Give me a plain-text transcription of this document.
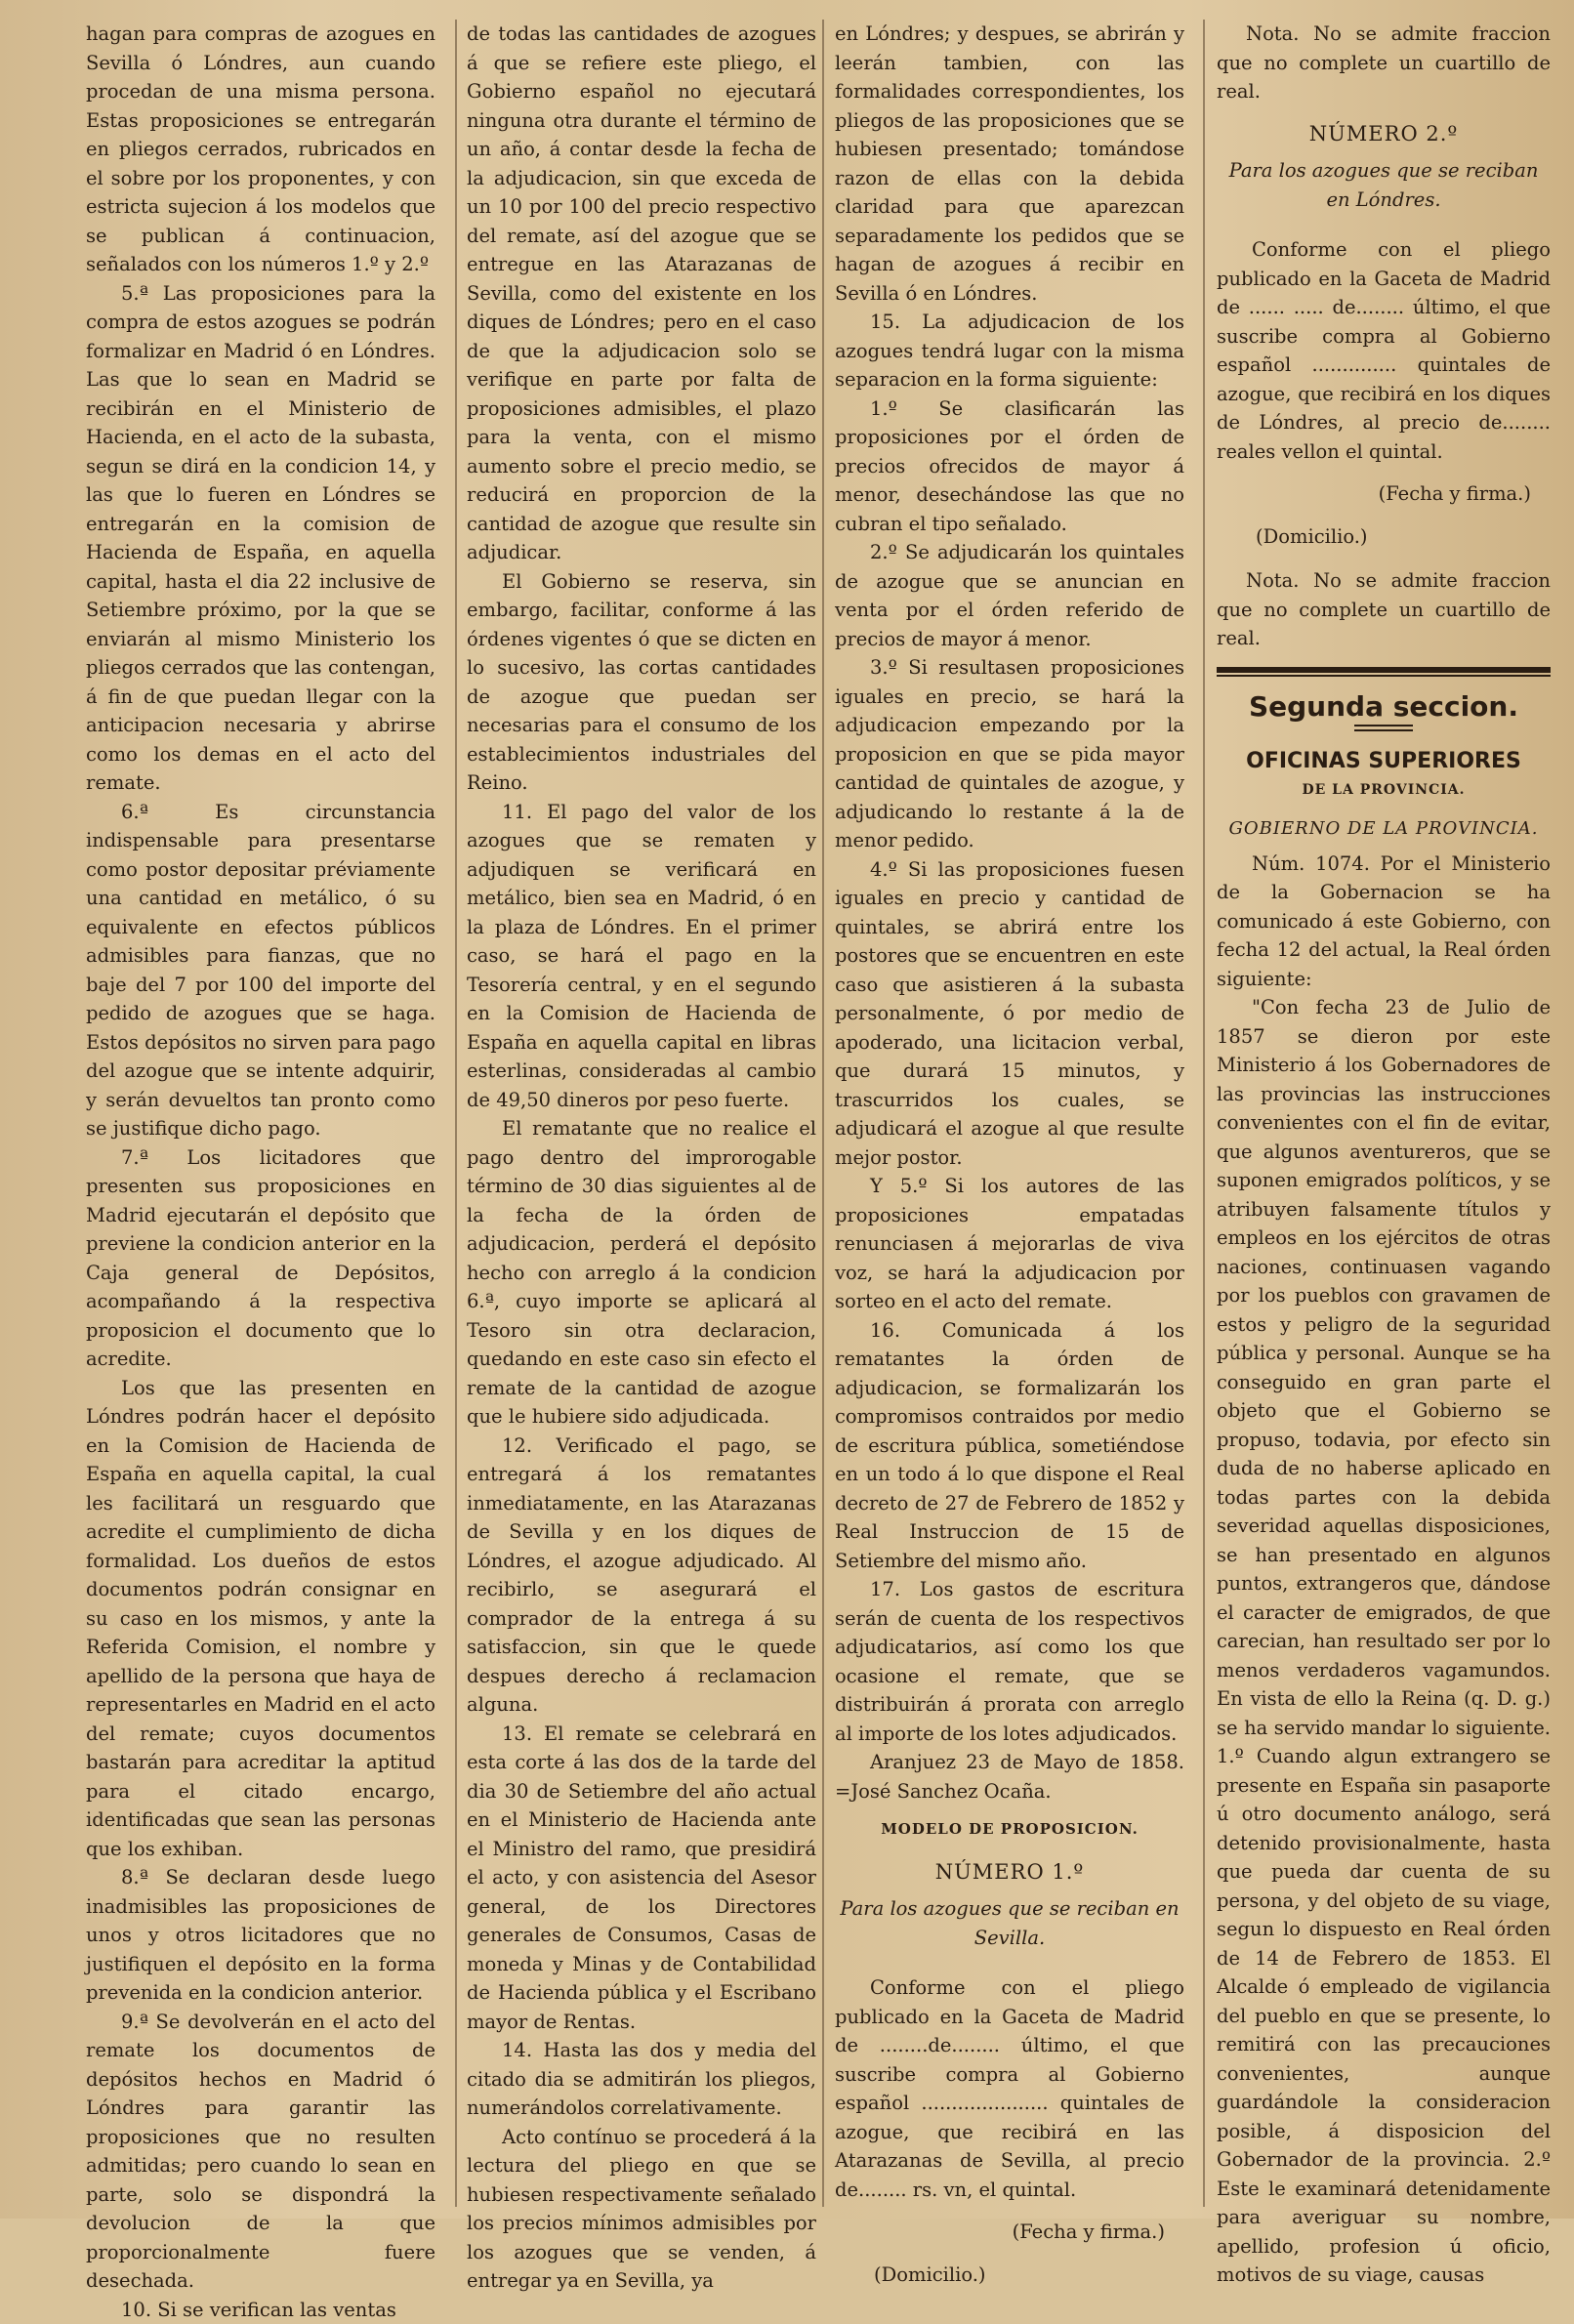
hagan para compras de azogues en Sevilla ó Lóndres, aun cuando procedan de una misma persona. Estas proposiciones se entregarán en pliegos cerrados, rubricados en el sobre por los proponentes, y con estricta sujecion á los modelos que se publican á continuacion, señalados con los números 1.º y 2.º

5.ª Las proposiciones para la compra de estos azogues se podrán formalizar en Madrid ó en Lóndres. Las que lo sean en Madrid se recibirán en el Ministerio de Hacienda, en el acto de la subasta, segun se dirá en la condicion 14, y las que lo fueren en Lóndres se entregarán en la comision de Hacienda de España, en aquella capital, hasta el dia 22 inclusive de Setiembre próximo, por la que se enviarán al mismo Ministerio los pliegos cerrados que las contengan, á fin de que puedan llegar con la anticipacion necesaria y abrirse como los demas en el acto del remate.

6.ª Es circunstancia indispensable para presentarse como postor depositar préviamente una cantidad en metálico, ó su equivalente en efectos públicos admisibles para fianzas, que no baje del 7 por 100 del importe del pedido de azogues que se haga. Estos depósitos no sirven para pago del azogue que se intente adquirir, y serán devueltos tan pronto como se justifique dicho pago.

7.ª Los licitadores que presenten sus proposiciones en Madrid ejecutarán el depósito que previene la condicion anterior en la Caja general de Depósitos, acompañando á la respectiva proposicion el documento que lo acredite.

Los que las presenten en Lóndres podrán hacer el depósito en la Comision de Hacienda de España en aquella capital, la cual les facilitará un resguardo que acredite el cumplimiento de dicha formalidad. Los dueños de estos documentos podrán consignar en su caso en los mismos, y ante la Referida Comision, el nombre y apellido de la persona que haya de representarles en Madrid en el acto del remate; cuyos documentos bastarán para acreditar la aptitud para el citado encargo, identificadas que sean las personas que los exhiban.

8.ª Se declaran desde luego inadmisibles las proposiciones de unos y otros licitadores que no justifiquen el depósito en la forma prevenida en la condicion anterior.

9.ª Se devolverán en el acto del remate los documentos de depósitos hechos en Madrid ó Lóndres para garantir las proposiciones que no resulten admitidas; pero cuando lo sean en parte, solo se dispondrá la devolucion de la que proporcionalmente fuere desechada.

10. Si se verifican las ventas

de todas las cantidades de azogues á que se refiere este pliego, el Gobierno español no ejecutará ninguna otra durante el término de un año, á contar desde la fecha de la adjudicacion, sin que exceda de un 10 por 100 del precio respectivo del remate, así del azogue que se entregue en las Atarazanas de Sevilla, como del existente en los diques de Lóndres; pero en el caso de que la adjudicacion solo se verifique en parte por falta de proposiciones admisibles, el plazo para la venta, con el mismo aumento sobre el precio medio, se reducirá en proporcion de la cantidad de azogue que resulte sin adjudicar.

El Gobierno se reserva, sin embargo, facilitar, conforme á las órdenes vigentes ó que se dicten en lo sucesivo, las cortas cantidades de azogue que puedan ser necesarias para el consumo de los establecimientos industriales del Reino.

11. El pago del valor de los azogues que se rematen y adjudiquen se verificará en metálico, bien sea en Madrid, ó en la plaza de Lóndres. En el primer caso, se hará el pago en la Tesorería central, y en el segundo en la Comision de Hacienda de España en aquella capital en libras esterlinas, consideradas al cambio de 49,50 dineros por peso fuerte.

El rematante que no realice el pago dentro del improrogable término de 30 dias siguientes al de la fecha de la órden de adjudicacion, perderá el depósito hecho con arreglo á la condicion 6.ª, cuyo importe se aplicará al Tesoro sin otra declaracion, quedando en este caso sin efecto el remate de la cantidad de azogue que le hubiere sido adjudicada.

12. Verificado el pago, se entregará á los rematantes inmediatamente, en las Atarazanas de Sevilla y en los diques de Lóndres, el azogue adjudicado. Al recibirlo, se asegurará el comprador de la entrega á su satisfaccion, sin que le quede despues derecho á reclamacion alguna.

13. El remate se celebrará en esta corte á las dos de la tarde del dia 30 de Setiembre del año actual en el Ministerio de Hacienda ante el Ministro del ramo, que presidirá el acto, y con asistencia del Asesor general, de los Directores generales de Consumos, Casas de moneda y Minas y de Contabilidad de Hacienda pública y el Escribano mayor de Rentas.

14. Hasta las dos y media del citado dia se admitirán los pliegos, numerándolos correlativamente.

Acto contínuo se procederá á la lectura del pliego en que se hubiesen respectivamente señalado los precios mínimos admisibles por los azogues que se venden, á entregar ya en Sevilla, ya

en Lóndres; y despues, se abrirán y leerán tambien, con las formalidades correspondientes, los pliegos de las proposiciones que se hubiesen presentado; tomándose razon de ellas con la debida claridad para que aparezcan separadamente los pedidos que se hagan de azogues á recibir en Sevilla ó en Lóndres.

15. La adjudicacion de los azogues tendrá lugar con la misma separacion en la forma siguiente:

1.º Se clasificarán las proposiciones por el órden de precios ofrecidos de mayor á menor, desechándose las que no cubran el tipo señalado.

2.º Se adjudicarán los quintales de azogue que se anuncian en venta por el órden referido de precios de mayor á menor.

3.º Si resultasen proposiciones iguales en precio, se hará la adjudicacion empezando por la proposicion en que se pida mayor cantidad de quintales de azogue, y adjudicando lo restante á la de menor pedido.

4.º Si las proposiciones fuesen iguales en precio y cantidad de quintales, se abrirá entre los postores que se encuentren en este caso que asistieren á la subasta personalmente, ó por medio de apoderado, una licitacion verbal, que durará 15 minutos, y trascurridos los cuales, se adjudicará el azogue al que resulte mejor postor.

Y 5.º Si los autores de las proposiciones empatadas renunciasen á mejorarlas de viva voz, se hará la adjudicacion por sorteo en el acto del remate.

16. Comunicada á los rematantes la órden de adjudicacion, se formalizarán los compromisos contraidos por medio de escritura pública, sometiéndose en un todo á lo que dispone el Real decreto de 27 de Febrero de 1852 y Real Instruccion de 15 de Setiembre del mismo año.

17. Los gastos de escritura serán de cuenta de los respectivos adjudicatarios, así como los que ocasione el remate, que se distribuirán á prorata con arreglo al importe de los lotes adjudicados.

Aranjuez 23 de Mayo de 1858. =José Sanchez Ocaña.

MODELO DE PROPOSICION.

NÚMERO 1.º

Para los azogues que se reciban en Sevilla.

Conforme con el pliego publicado en la Gaceta de Madrid de ........de........ último, el que suscribe compra al Gobierno español ..................... quintales de azogue, que recibirá en las Atarazanas de Sevilla, al precio de........ rs. vn, el quintal.

(Fecha y firma.)

(Domicilio.)

Nota. No se admite fraccion que no complete un cuartillo de real.

NÚMERO 2.º

Para los azogues que se reciban en Lóndres.

Conforme con el pliego publicado en la Gaceta de Madrid de ...... ..... de........ último, el que suscribe compra al Gobierno español .............. quintales de azogue, que recibirá en los diques de Lóndres, al precio de........ reales vellon el quintal.

(Fecha y firma.)

(Domicilio.)

Nota. No se admite fraccion que no complete un cuartillo de real.

Segunda seccion.

OFICINAS SUPERIORES

DE LA PROVINCIA.

GOBIERNO DE LA PROVINCIA.

Núm. 1074. Por el Ministerio de la Gobernacion se ha comunicado á este Gobierno, con fecha 12 del actual, la Real órden siguiente:

"Con fecha 23 de Julio de 1857 se dieron por este Ministerio á los Gobernadores de las provincias las instrucciones convenientes con el fin de evitar, que algunos aventureros, que se suponen emigrados políticos, y se atribuyen falsamente títulos y empleos en los ejércitos de otras naciones, continuasen vagando por los pueblos con gravamen de estos y peligro de la seguridad pública y personal. Aunque se ha conseguido en gran parte el objeto que el Gobierno se propuso, todavia, por efecto sin duda de no haberse aplicado en todas partes con la debida severidad aquellas disposiciones, se han presentado en algunos puntos, extrangeros que, dándose el caracter de emigrados, de que carecian, han resultado ser por lo menos verdaderos vagamundos. En vista de ello la Reina (q. D. g.) se ha servido mandar lo siguiente. 1.º Cuando algun extrangero se presente en España sin pasaporte ú otro documento análogo, será detenido provisionalmente, hasta que pueda dar cuenta de su persona, y del objeto de su viage, segun lo dispuesto en Real órden de 14 de Febrero de 1853. El Alcalde ó empleado de vigilancia del pueblo en que se presente, lo remitirá con las precauciones convenientes, aunque guardándole la consideracion posible, á disposicion del Gobernador de la provincia. 2.º Este le examinará detenidamente para averiguar su nombre, apellido, profesion ú oficio, motivos de su viage, causas
